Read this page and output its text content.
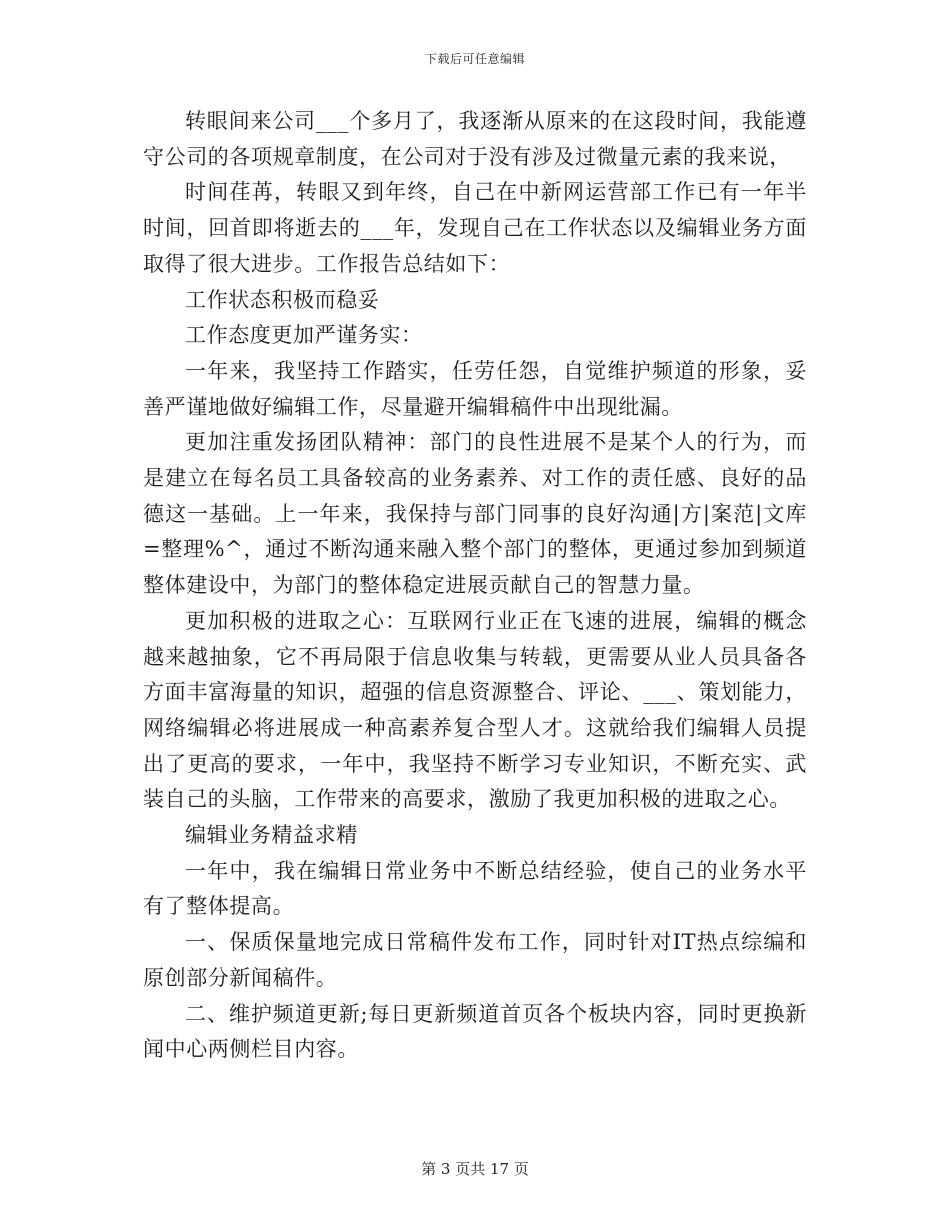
下载后可任意编辑

转眼间来公司___个多月了，我逐渐从原来的在这段时间，我能遵守公司的各项规章制度，在公司对于没有涉及过微量元素的我来说，

时间荏苒，转眼又到年终，自己在中新网运营部工作已有一年半时间，回首即将逝去的___年，发现自己在工作状态以及编辑业务方面取得了很大进步。工作报告总结如下：

工作状态积极而稳妥

工作态度更加严谨务实：

一年来，我坚持工作踏实，任劳任怨，自觉维护频道的形象，妥善严谨地做好编辑工作，尽量避开编辑稿件中出现纰漏。

更加注重发扬团队精神：部门的良性进展不是某个人的行为，而是建立在每名员工具备较高的业务素养、对工作的责任感、良好的品德这一基础。上一年来，我保持与部门同事的良好沟通|方|案范|文库=整理%^，通过不断沟通来融入整个部门的整体，更通过参加到频道整体建设中，为部门的整体稳定进展贡献自己的智慧力量。

更加积极的进取之心：互联网行业正在飞速的进展，编辑的概念越来越抽象，它不再局限于信息收集与转载，更需要从业人员具备各方面丰富海量的知识，超强的信息资源整合、评论、___、策划能力，网络编辑必将进展成一种高素养复合型人才。这就给我们编辑人员提出了更高的要求，一年中，我坚持不断学习专业知识，不断充实、武装自己的头脑，工作带来的高要求，激励了我更加积极的进取之心。

编辑业务精益求精

一年中，我在编辑日常业务中不断总结经验，使自己的业务水平有了整体提高。

一、保质保量地完成日常稿件发布工作，同时针对IT热点综编和原创部分新闻稿件。

二、维护频道更新;每日更新频道首页各个板块内容，同时更换新闻中心两侧栏目内容。

第 3 页共 17 页
